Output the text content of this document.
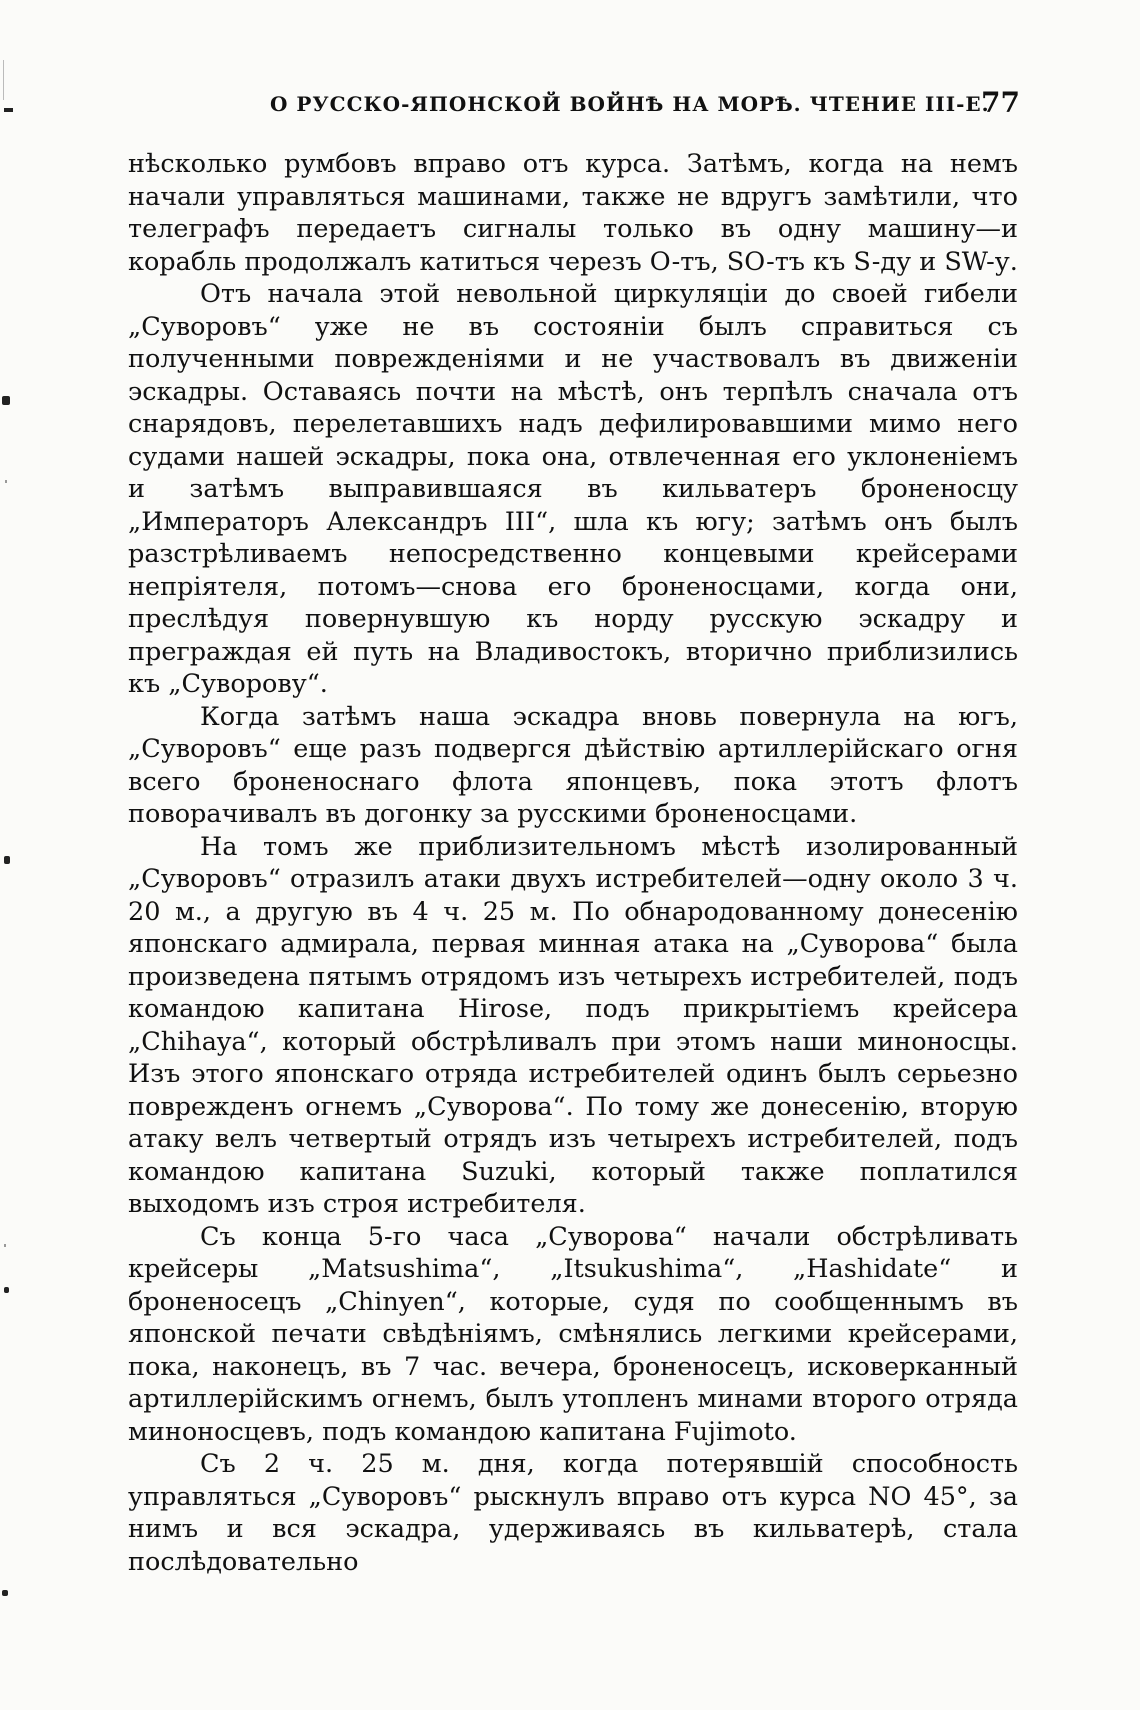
О РУССКО-ЯПОНСКОЙ ВОЙНѢ НА МОРѢ. ЧТЕНИЕ III-Е.
77

нѣсколько румбовъ вправо отъ курса. Затѣмъ, когда на немъ начали управляться машинами, также не вдругъ замѣтили, что телеграфъ передаетъ сигналы только въ одну машину—и корабль продолжалъ катиться черезъ O-тъ, SO-тъ къ S-ду и SW-у.

Отъ начала этой невольной циркуляціи до своей гибели „Суворовъ“ уже не въ состояніи былъ справиться съ полученными поврежденіями и не участвовалъ въ движеніи эскадры. Оставаясь почти на мѣстѣ, онъ терпѣлъ сначала отъ снарядовъ, перелетавшихъ надъ дефилировавшими мимо него судами нашей эскадры, пока она, отвлеченная его уклоненіемъ и затѣмъ выправившаяся въ кильватеръ броненосцу „Императоръ Александръ III“, шла къ югу; затѣмъ онъ былъ разстрѣливаемъ непосредственно концевыми крейсерами непріятеля, потомъ—снова его броненосцами, когда они, преслѣдуя повернувшую къ норду русскую эскадру и преграждая ей путь на Владивостокъ, вторично приблизились къ „Суворову“.

Когда затѣмъ наша эскадра вновь повернула на югъ, „Суворовъ“ еще разъ подвергся дѣйствію артиллерійскаго огня всего броненоснаго флота японцевъ, пока этотъ флотъ поворачивалъ въ догонку за русскими броненосцами.

На томъ же приблизительномъ мѣстѣ изолированный „Суворовъ“ отразилъ атаки двухъ истребителей—одну около 3 ч. 20 м., а другую въ 4 ч. 25 м. По обнародованному донесенію японскаго адмирала, первая минная атака на „Суворова“ была произведена пятымъ отрядомъ изъ четырехъ истребителей, подъ командою капитана Hirose, подъ прикрытіемъ крейсера „Chihaya“, который обстрѣливалъ при этомъ наши миноносцы. Изъ этого японскаго отряда истребителей одинъ былъ серьезно поврежденъ огнемъ „Суворова“. По тому же донесенію, вторую атаку велъ четвертый отрядъ изъ четырехъ истребителей, подъ командою капитана Suzuki, который также поплатился выходомъ изъ строя истребителя.

Съ конца 5-го часа „Суворова“ начали обстрѣливать крейсеры „Matsushima“, „Itsukushima“, „Hashidate“ и броненосецъ „Chinyen“, которые, судя по сообщеннымъ въ японской печати свѣдѣніямъ, смѣнялись легкими крейсерами, пока, наконецъ, въ 7 час. вечера, броненосецъ, исковерканный артиллерійскимъ огнемъ, былъ утопленъ минами второго отряда миноносцевъ, подъ командою капитана Fujimoto.

Съ 2 ч. 25 м. дня, когда потерявшій способность управляться „Суворовъ“ рыскнулъ вправо отъ курса NO 45°, за нимъ и вся эскадра, удерживаясь въ кильватерѣ, стала послѣдовательно
